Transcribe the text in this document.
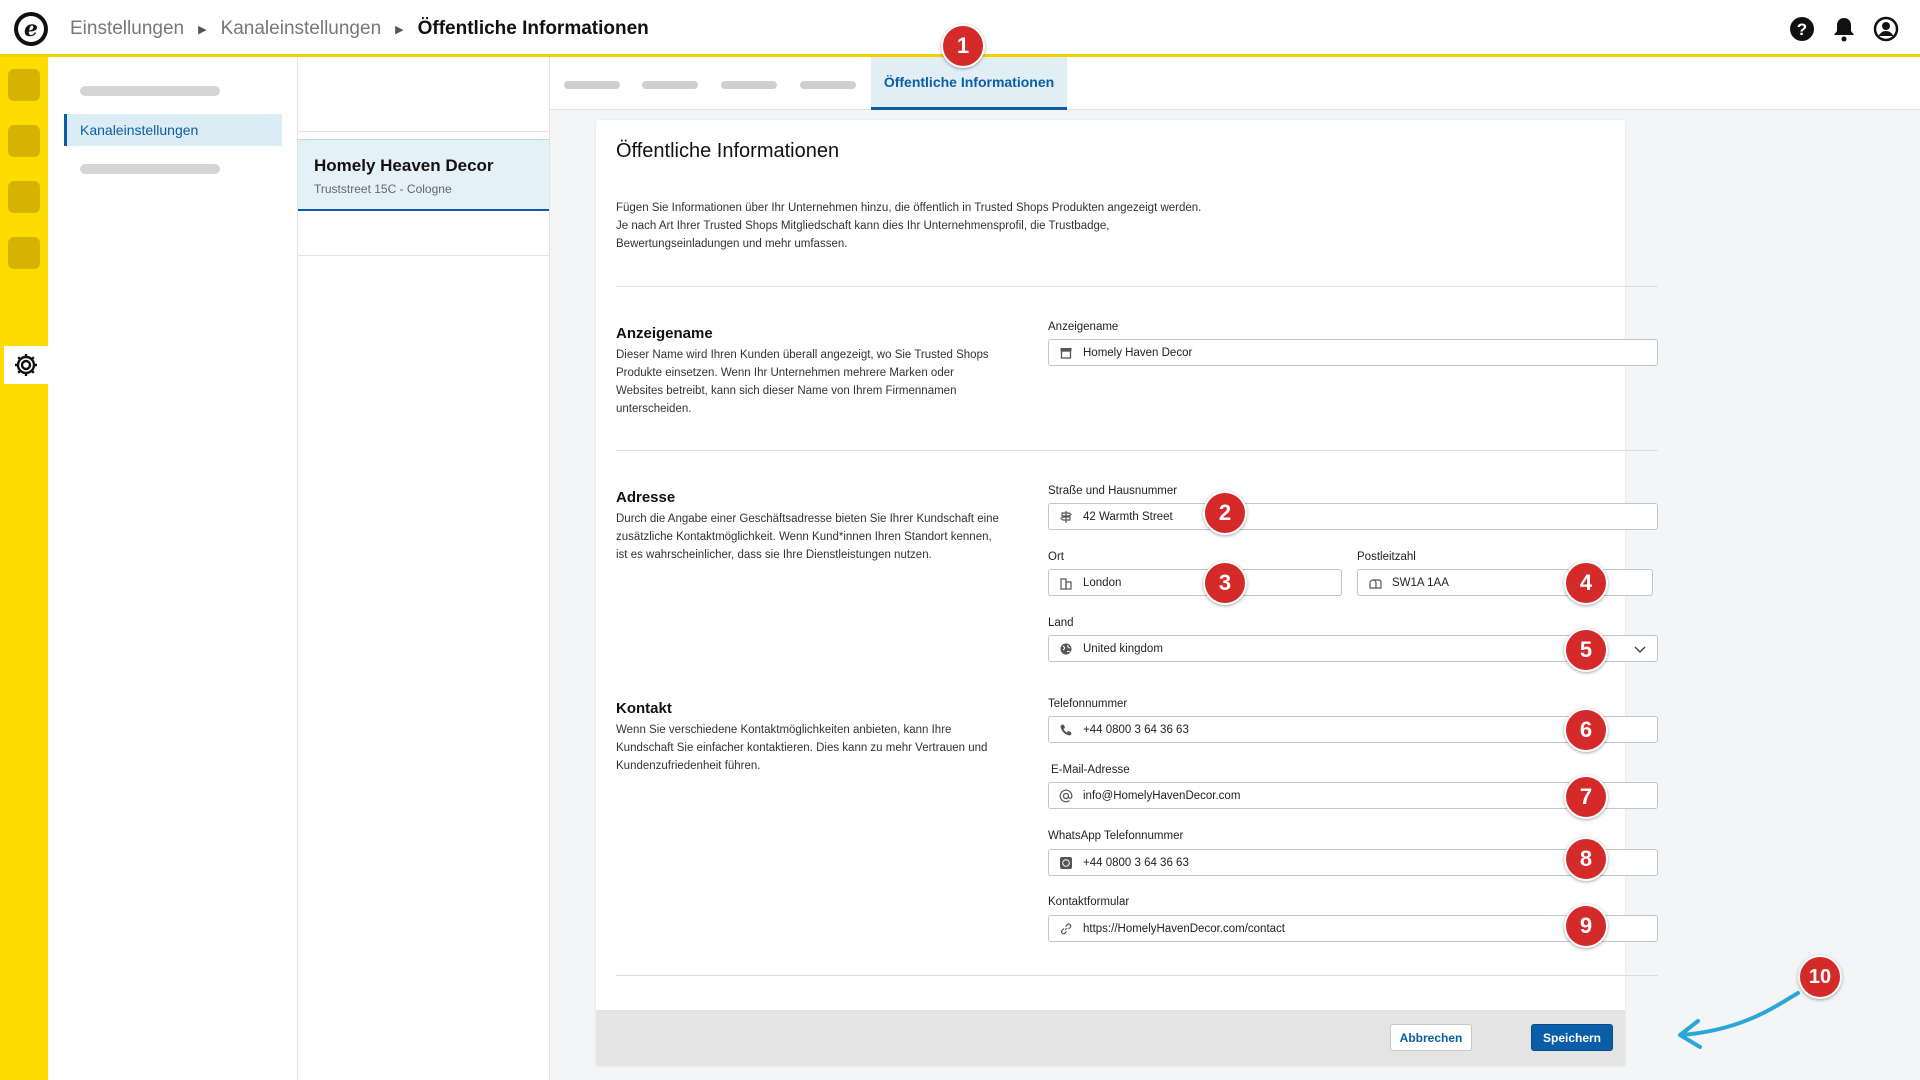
e	Einstellungen ▶ Kanaleinstellungen ▶ Öffentliche Informationen	?
Kanaleinstellungen
Homely Heaven Decor
Truststreet 15C - Cologne
Öffentliche Informationen
Öffentliche Informationen
Fügen Sie Informationen über Ihr Unternehmen hinzu, die öffentlich in Trusted Shops Produkten angezeigt werden.
Je nach Art Ihrer Trusted Shops Mitgliedschaft kann dies Ihr Unternehmensprofil, die Trustbadge,
Bewertungseinladungen und mehr umfassen.
Anzeigename
Dieser Name wird Ihren Kunden überall angezeigt, wo Sie Trusted Shops Produkte einsetzen. Wenn Ihr Unternehmen mehrere Marken oder Websites betreibt, kann sich dieser Name von Ihrem Firmennamen unterscheiden.
Anzeigename
Homely Haven Decor
Adresse
Durch die Angabe einer Geschäftsadresse bieten Sie Ihrer Kundschaft eine zusätzliche Kontaktmöglichkeit. Wenn Kund*innen Ihren Standort kennen, ist es wahrscheinlicher, dass sie Ihre Dienstleistungen nutzen.
Straße und Hausnummer
42 Warmth Street
Ort
London
Postleitzahl
SW1A 1AA
Land
United kingdom
Kontakt
Wenn Sie verschiedene Kontaktmöglichkeiten anbieten, kann Ihre Kundschaft Sie einfacher kontaktieren. Dies kann zu mehr Vertrauen und Kundenzufriedenheit führen.
Telefonnummer
+44 0800 3 64 36 63
E-Mail-Adresse
info@HomelyHavenDecor.com
WhatsApp Telefonnummer
+44 0800 3 64 36 63
Kontaktformular
https://HomelyHavenDecor.com/contact
Abbrechen	Speichern
1
2
3	4
5
6
7
8
9
10
